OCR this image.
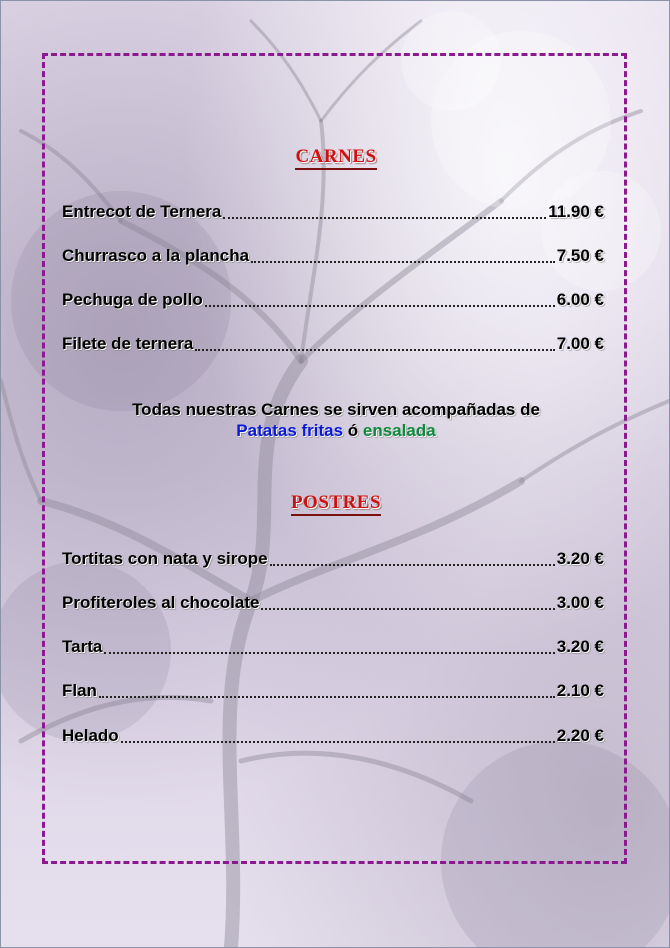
CARNES
Entrecot de Ternera	11.90 €
Churrasco a la plancha	7.50 €
Pechuga de pollo	6.00 €
Filete de ternera	7.00 €
Todas nuestras Carnes se sirven acompañadas de
Patatas fritas ó ensalada
POSTRES
Tortitas con nata y sirope	3.20 €
Profiteroles al chocolate	3.00 €
Tarta	3.20 €
Flan	2.10 €
Helado	2.20 €
